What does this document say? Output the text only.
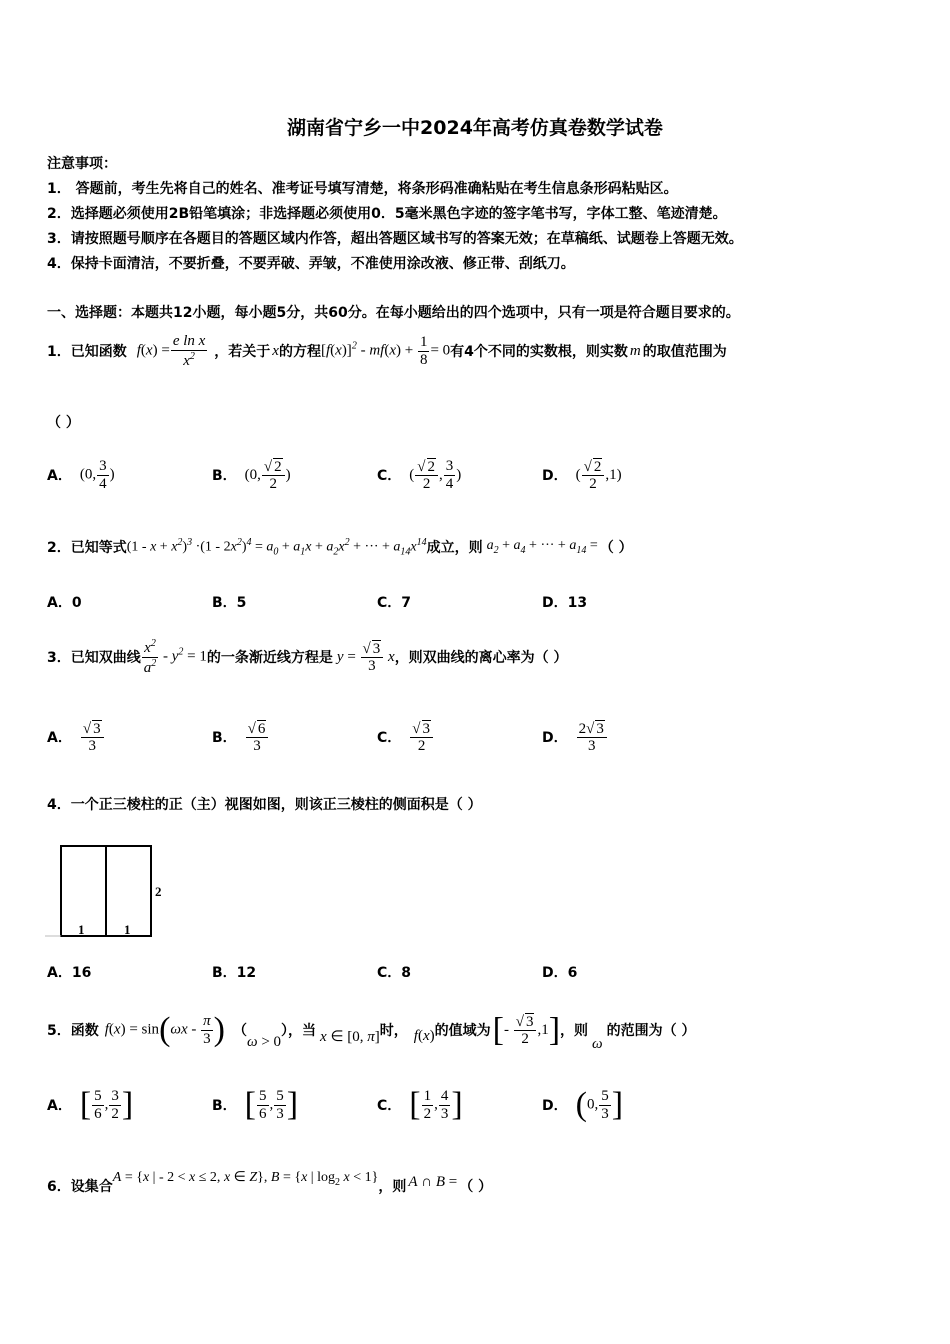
湖南省宁乡一中2024年高考仿真卷数学试卷
注意事项：
1． 答题前，考生先将自己的姓名、准考证号填写清楚，将条形码准确粘贴在考生信息条形码粘贴区。
2．选择题必须使用2B铅笔填涂；非选择题必须使用0．5毫米黑色字迹的签字笔书写，字体工整、笔迹清楚。
3．请按照题号顺序在各题目的答题区域内作答，超出答题区域书写的答案无效；在草稿纸、试题卷上答题无效。
4．保持卡面清洁，不要折叠，不要弄破、弄皱，不准使用涂改液、修正带、刮纸刀。
一、选择题：本题共12小题，每小题5分，共60分。在每小题给出的四个选项中，只有一项是符合题目要求的。
1．已知函数 $f(x) = \frac{\text{e ln x}}{x^2}$ ，若关于 x 的方程 $[f(x)]^2 - mf(x) + \frac{1}{8} = 0$ 有4个不同的实数根，则实数 m 的取值范围为
（ ）
A． (0, $\frac{3}{4}$ )	B． (0, $\frac{√ 2}{2}$ )	C． ( $\frac{√ 2}{2}$ , $\frac{3}{4}$ )	D． ( $\frac{√ 2}{2} ,1$)
2．已知等式 $(1 - x + x^2)^3 \cdot(1 - 2x^2)^4 = a_0 + a_1x + a_2x^2$ + ··· + $a_{14}x^{14}$ 成立，则 $a_2 + a_4$ + ··· + $a_{14}$ = （ ）
A．0	B．5	C．7	D．13
3．已知双曲线 $\frac{x^2}{a^2} - y^2 = 1$ 的一条渐近线方程是 $y = \frac{√ 3}{3}$ x ，则双曲线的离心率为（ ）
A． $\frac{√ 3}{3}$	B． $\frac{√ 6}{3}$	C． $\frac{√ 3}{2}$	D． $\frac{2√ 3}{3}$
4．一个正三棱柱的正（主）视图如图，则该正三棱柱的侧面积是（ ）
1	1
2
A．16	B．12	C．8	D．6
5．函数 $f(x) = \sin(\omega x - \frac{\pi}{3}$ ) （
ω > 0
），当 x ∈ [0, π] 时， f(x) 的值域为 [- $\frac{√ 3}{2} ,1$] ，则
ω
的范围为（ ）
A． [ $\frac{5}{6}$ , $\frac{3}{2}$ ]	B． [ $\frac{5}{6}$ , $\frac{5}{3}$ ]	C． [ $\frac{1}{2}$ , $\frac{4}{3}$ ]	D． (0, $\frac{5}{3}$ ]
6．设集合
A = {x | - 2 < x ≤ 2, x ∈ Z}, B = {x | $\log_2 x < 1$}
，则 A ∩ B = （ ）
